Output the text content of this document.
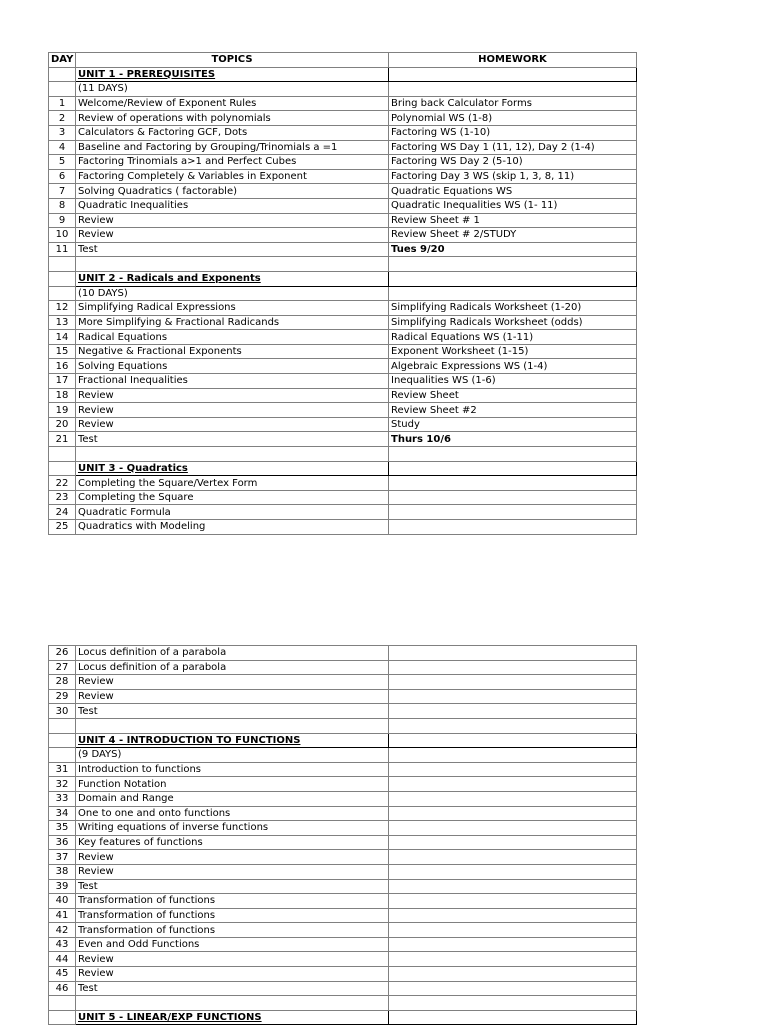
DAY	TOPICS	HOMEWORK
	UNIT 1 - PREREQUISITES	
	(11 DAYS)	
1	Welcome/Review of Exponent Rules	Bring back Calculator Forms
2	Review of operations with polynomials	Polynomial WS (1-8)
3	Calculators & Factoring GCF, Dots	Factoring WS (1-10)
4	Baseline and Factoring by Grouping/Trinomials a =1	Factoring WS Day 1 (11, 12), Day 2 (1-4)
5	Factoring Trinomials a>1 and Perfect Cubes	Factoring WS Day 2 (5-10)
6	Factoring Completely & Variables in Exponent	Factoring Day 3 WS (skip 1, 3, 8, 11)
7	Solving Quadratics ( factorable)	Quadratic Equations WS
8	Quadratic Inequalities	Quadratic Inequalities WS (1- 11)
9	Review	Review Sheet # 1
10	Review	Review Sheet # 2/STUDY
11	Test	Tues 9/20

	UNIT 2 - Radicals and Exponents	
	(10 DAYS)	
12	Simplifying Radical Expressions	Simplifying Radicals Worksheet (1-20)
13	More Simplifying & Fractional Radicands	Simplifying Radicals Worksheet (odds)
14	Radical Equations	Radical Equations WS (1-11)
15	Negative & Fractional Exponents	Exponent Worksheet (1-15)
16	Solving Equations	Algebraic Expressions WS (1-4)
17	Fractional Inequalities	Inequalities WS (1-6)
18	Review	Review Sheet
19	Review	Review Sheet #2
20	Review	Study
21	Test	Thurs 10/6

	UNIT 3 - Quadratics	
22	Completing the Square/Vertex Form	
23	Completing the Square	
24	Quadratic Formula	
25	Quadratics with Modeling	
26	Locus definition of a parabola	
27	Locus definition of a parabola	
28	Review	
29	Review	
30	Test	

	UNIT 4 - INTRODUCTION TO FUNCTIONS	
	(9 DAYS)	
31	Introduction to functions	
32	Function Notation	
33	Domain and Range	
34	One to one and onto functions	
35	Writing equations of inverse functions	
36	Key features of functions	
37	Review	
38	Review	
39	Test	
40	Transformation of functions	
41	Transformation of functions	
42	Transformation of functions	
43	Even and Odd Functions	
44	Review	
45	Review	
46	Test	

	UNIT 5 - LINEAR/EXP FUNCTIONS	
